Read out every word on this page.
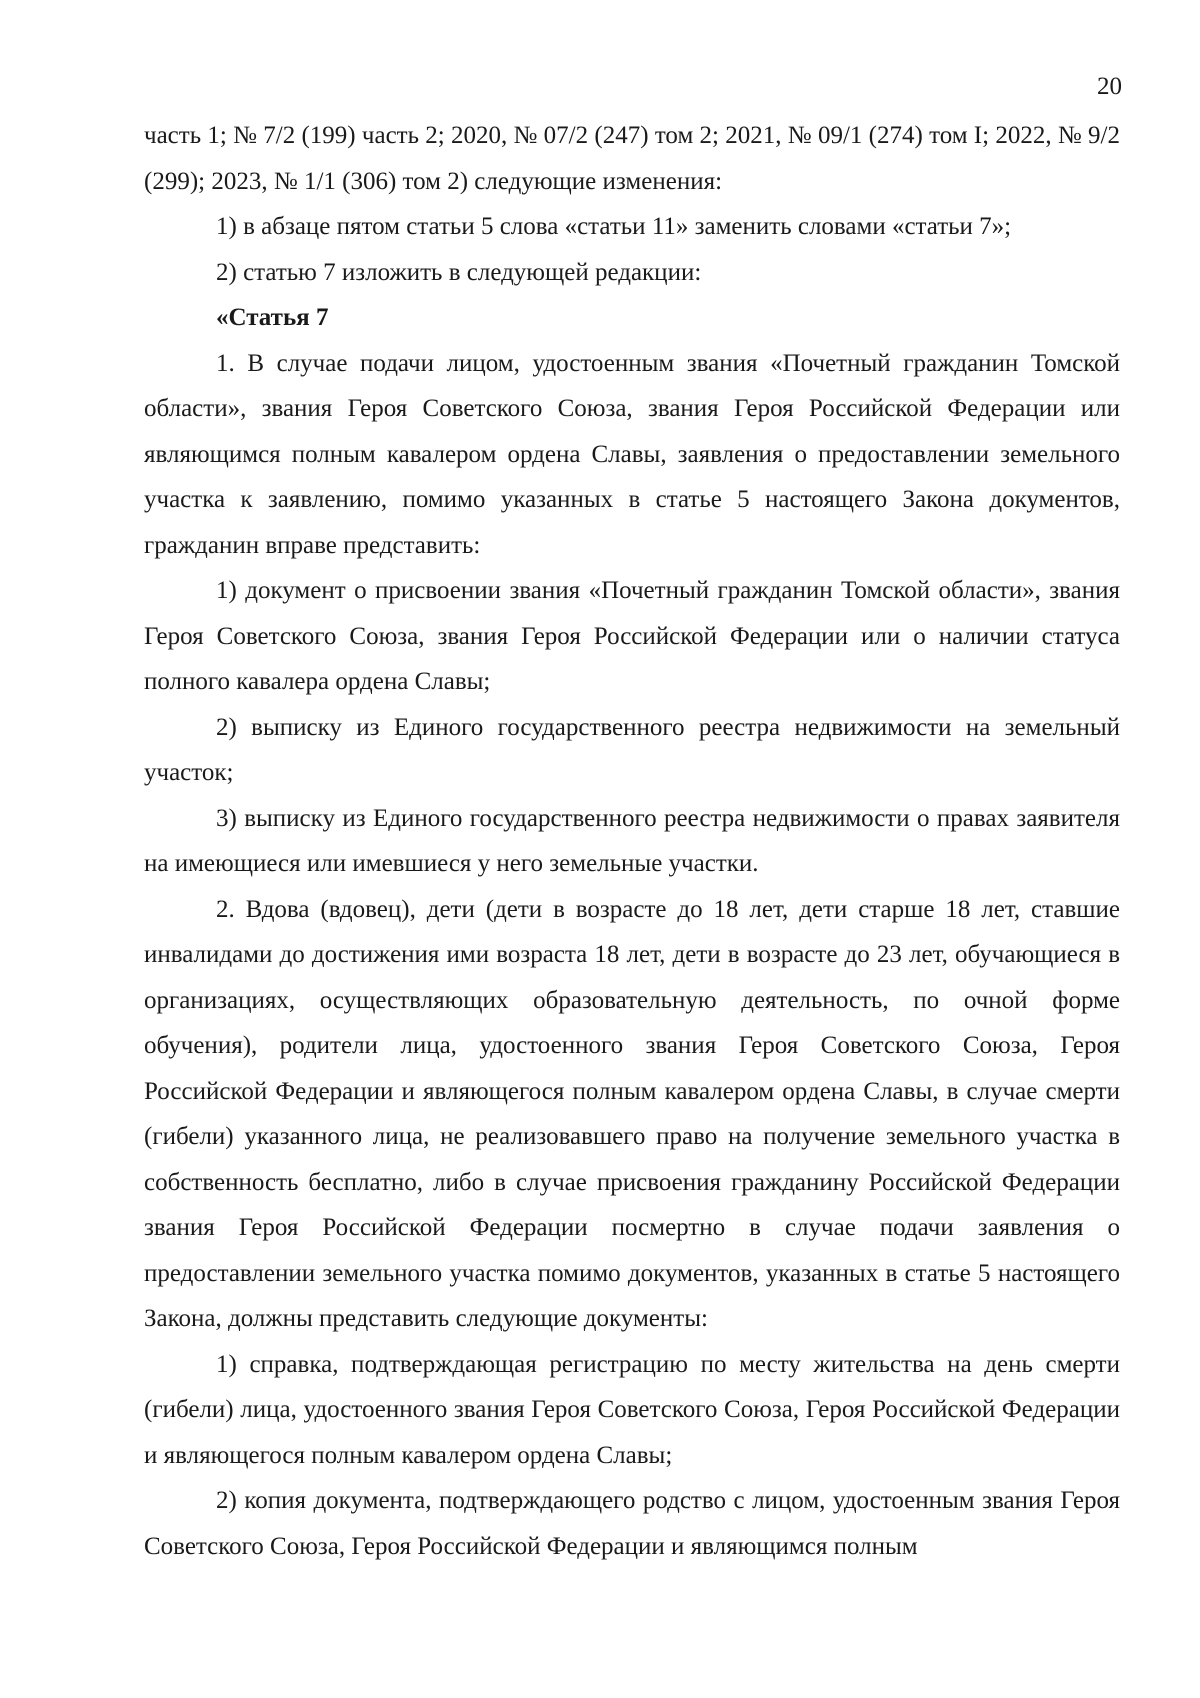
20

часть 1; № 7/2 (199) часть 2; 2020, № 07/2 (247) том 2; 2021, № 09/1 (274) том I; 2022, № 9/2 (299); 2023, № 1/1 (306) том 2) следующие изменения:

1) в абзаце пятом статьи 5 слова «статьи 11» заменить словами «статьи 7»;

2) статью 7 изложить в следующей редакции:

«Статья 7

1. В случае подачи лицом, удостоенным звания «Почетный гражданин Томской области», звания Героя Советского Союза, звания Героя Российской Федерации или являющимся полным кавалером ордена Славы, заявления о предоставлении земельного участка к заявлению, помимо указанных в статье 5 настоящего Закона документов, гражданин вправе представить:

1) документ о присвоении звания «Почетный гражданин Томской области», звания Героя Советского Союза, звания Героя Российской Федерации или о наличии статуса полного кавалера ордена Славы;

2) выписку из Единого государственного реестра недвижимости на земельный участок;

3) выписку из Единого государственного реестра недвижимости о правах заявителя на имеющиеся или имевшиеся у него земельные участки.

2. Вдова (вдовец), дети (дети в возрасте до 18 лет, дети старше 18 лет, ставшие инвалидами до достижения ими возраста 18 лет, дети в возрасте до 23 лет, обучающиеся в организациях, осуществляющих образовательную деятельность, по очной форме обучения), родители лица, удостоенного звания Героя Советского Союза, Героя Российской Федерации и являющегося полным кавалером ордена Славы, в случае смерти (гибели) указанного лица, не реализовавшего право на получение земельного участка в собственность бесплатно, либо в случае присвоения гражданину Российской Федерации звания Героя Российской Федерации посмертно в случае подачи заявления о предоставлении земельного участка помимо документов, указанных в статье 5 настоящего Закона, должны представить следующие документы:

1) справка, подтверждающая регистрацию по месту жительства на день смерти (гибели) лица, удостоенного звания Героя Советского Союза, Героя Российской Федерации и являющегося полным кавалером ордена Славы;

2) копия документа, подтверждающего родство с лицом, удостоенным звания Героя Советского Союза, Героя Российской Федерации и являющимся полным
